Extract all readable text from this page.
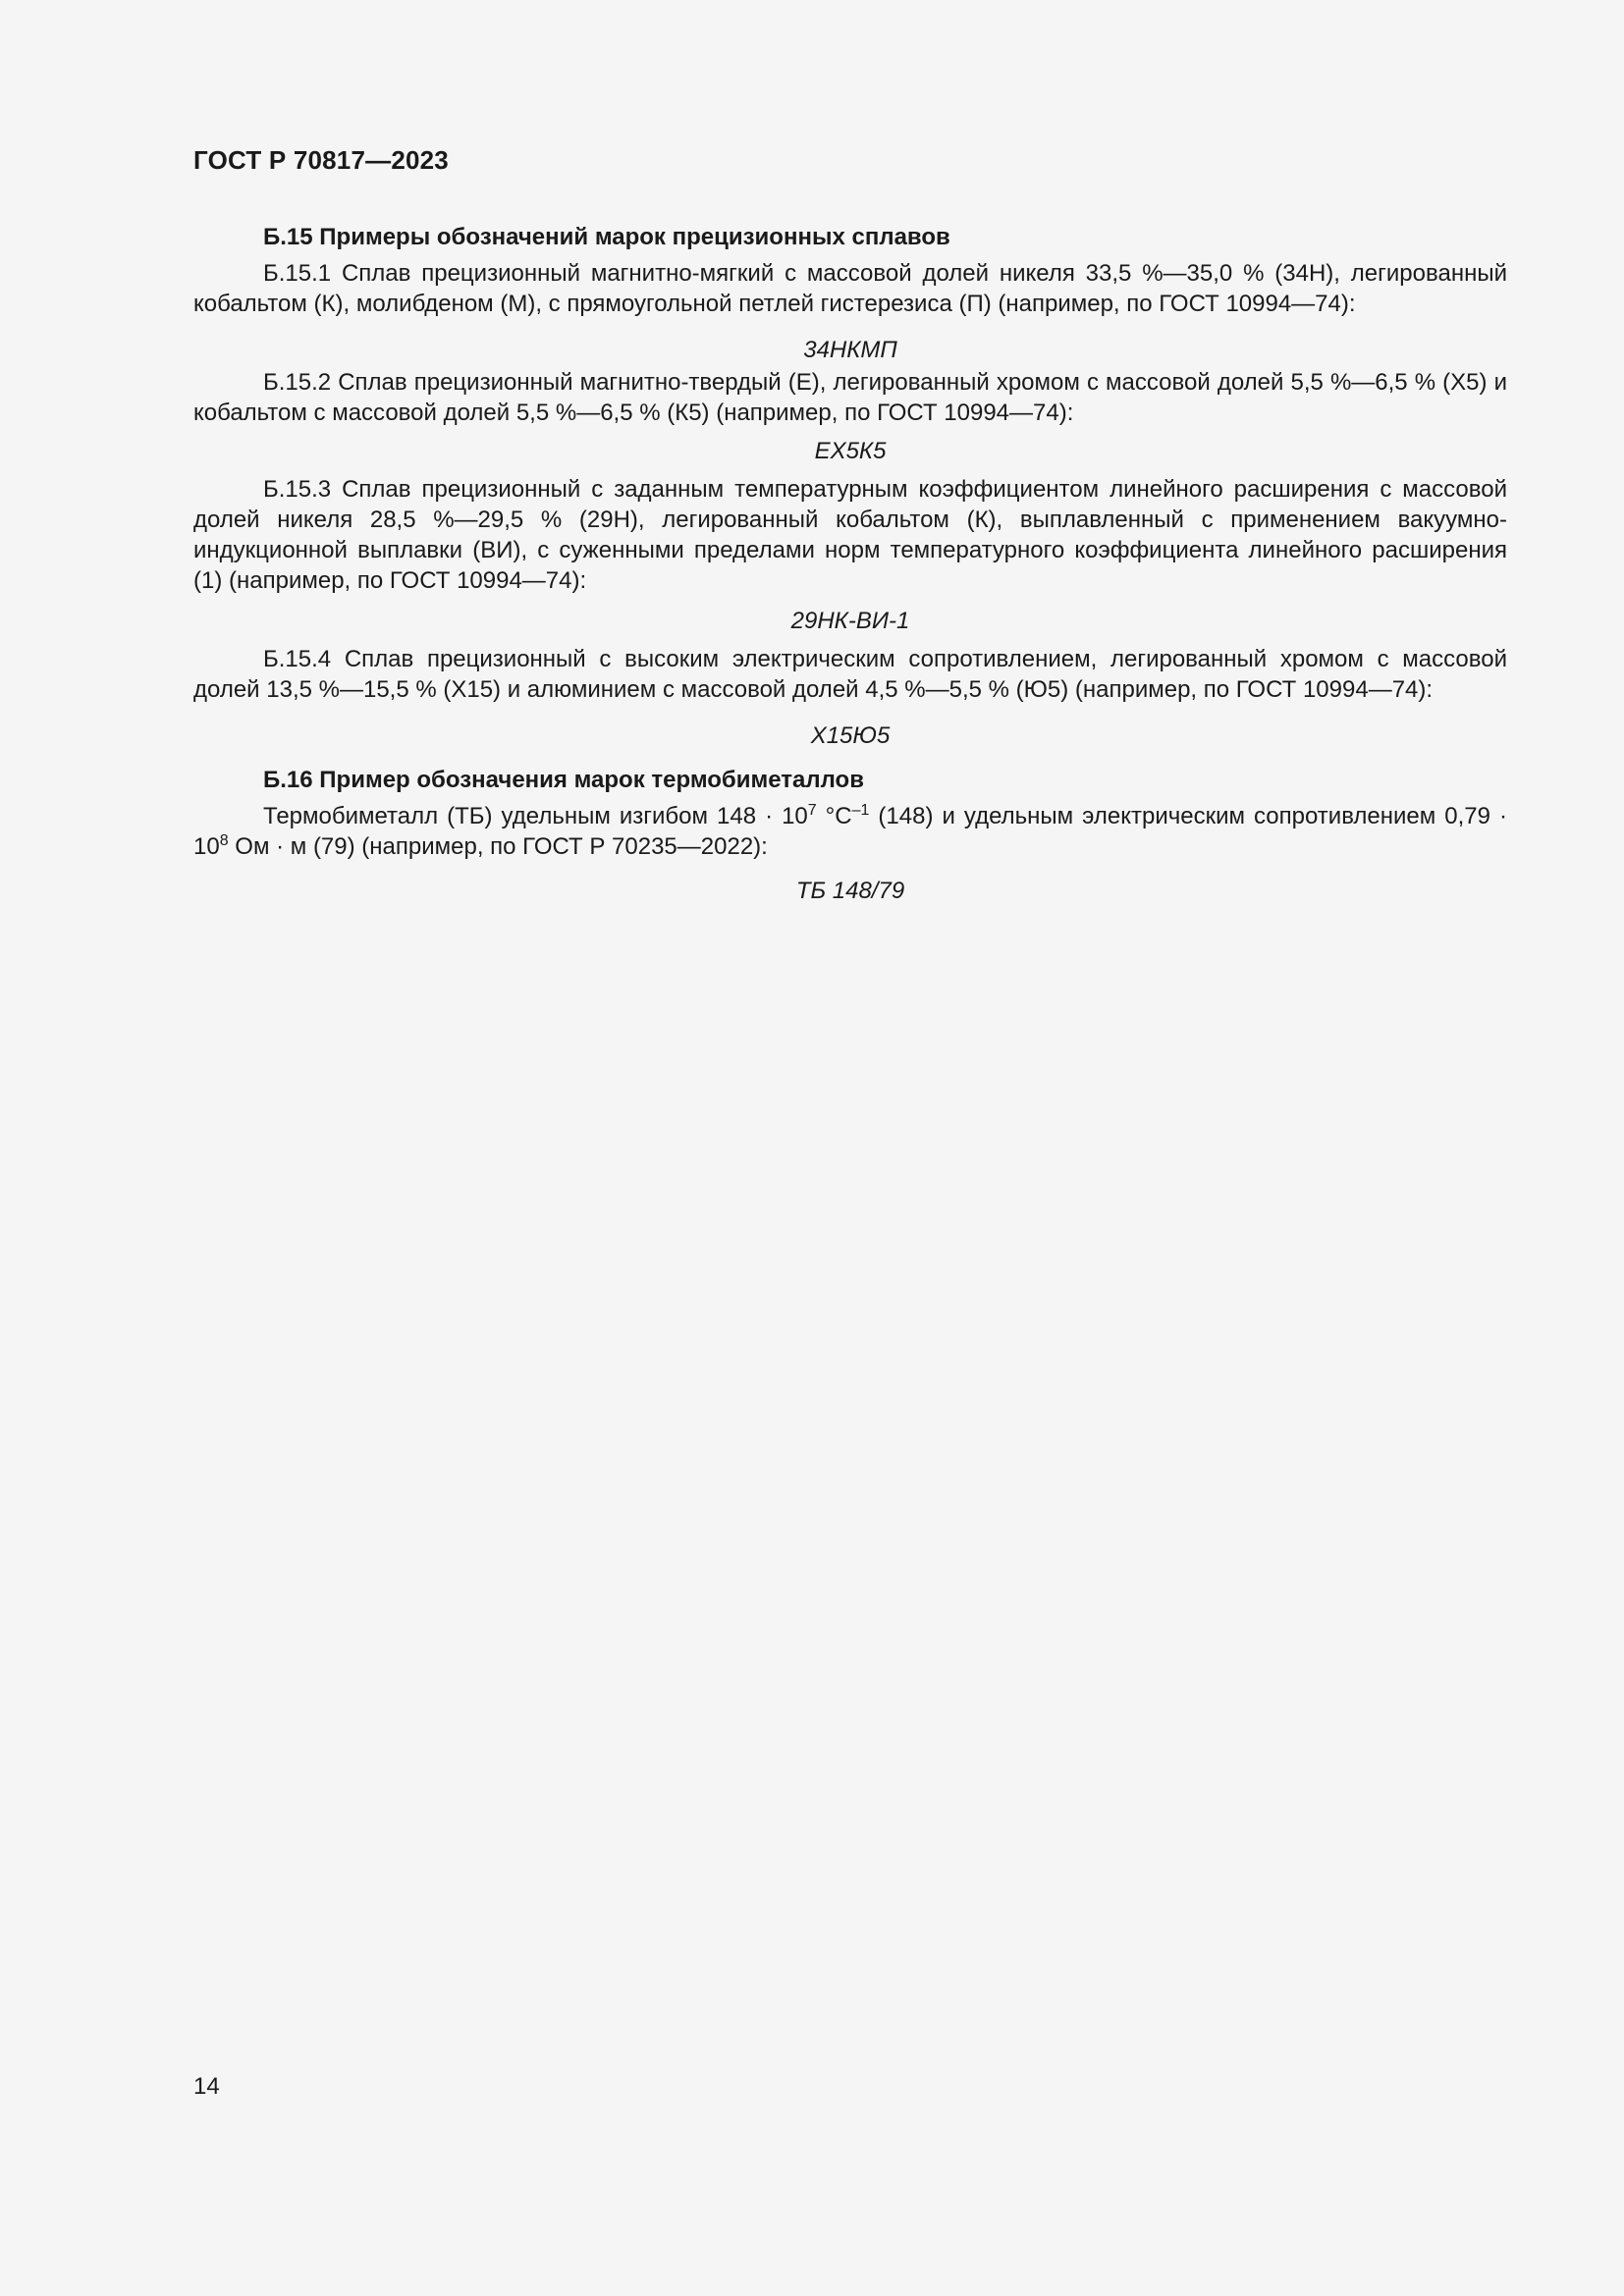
ГОСТ Р 70817—2023

Б.15 Примеры обозначений марок прецизионных сплавов

Б.15.1 Сплав прецизионный магнитно-мягкий с массовой долей никеля 33,5 %—35,0 % (34Н), легированный кобальтом (К), молибденом (М), с прямоугольной петлей гистерезиса (П) (например, по ГОСТ 10994—74):

34НКМП

Б.15.2 Сплав прецизионный магнитно-твердый (Е), легированный хромом с массовой долей 5,5 %—6,5 % (Х5) и кобальтом с массовой долей 5,5 %—6,5 % (К5) (например, по ГОСТ 10994—74):

ЕХ5К5

Б.15.3 Сплав прецизионный с заданным температурным коэффициентом линейного расширения с массовой долей никеля 28,5 %—29,5 % (29Н), легированный кобальтом (К), выплавленный с применением вакуумно-индукционной выплавки (ВИ), с суженными пределами норм температурного коэффициента линейного расширения (1) (например, по ГОСТ 10994—74):

29НК-ВИ-1

Б.15.4 Сплав прецизионный с высоким электрическим сопротивлением, легированный хромом с массовой долей 13,5 %—15,5 % (Х15) и алюминием с массовой долей 4,5 %—5,5 % (Ю5) (например, по ГОСТ 10994—74):

Х15Ю5

Б.16 Пример обозначения марок термобиметаллов

Термобиметалл (ТБ) удельным изгибом $148 \cdot 10^7$ $^\circ С^{-1}$ (148) и удельным электрическим сопротивлением $0,79 \cdot 10^8$ Ом · м (79) (например, по ГОСТ Р 70235—2022):

ТБ 148/79

14
